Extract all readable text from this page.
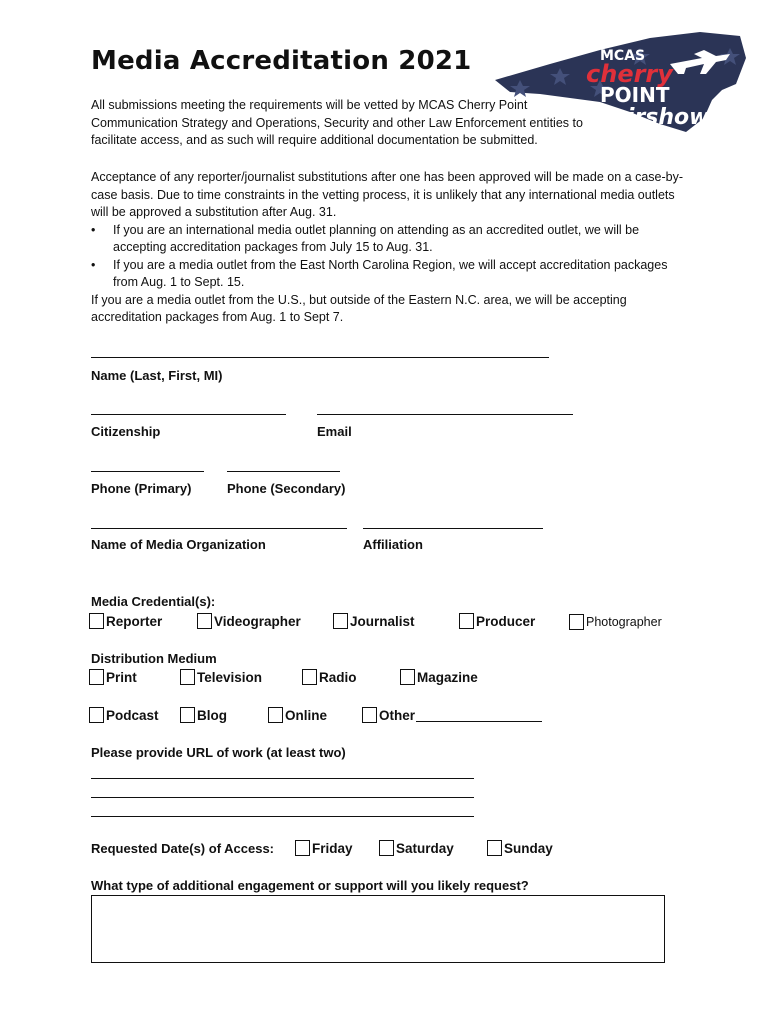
Media Accreditation 2021	MCAS
cherry
POINT
airshow
All submissions meeting the requirements will be vetted by MCAS Cherry Point Communication Strategy and Operations, Security and other Law Enforcement entities to facilitate access, and as such will require additional documentation be submitted.
Acceptance of any reporter/journalist substitutions after one has been approved will be made on a case-by-case basis. Due to time constraints in the vetting process, it is unlikely that any international media outlets will be approved a substitution after Aug. 31.
• If you are an international media outlet planning on attending as an accredited outlet, we will be accepting accreditation packages from July 15 to Aug. 31.
• If you are a media outlet from the East North Carolina Region, we will accept accreditation packages from Aug. 1 to Sept. 15.
If you are a media outlet from the U.S., but outside of the Eastern N.C. area, we will be accepting accreditation packages from Aug. 1 to Sept 7.
Name (Last, First, MI)
Citizenship	Email
Phone (Primary)	Phone (Secondary)
Name of Media Organization	Affiliation
Media Credential(s):
Reporter	Videographer	Journalist	Producer	Photographer
Distribution Medium
Print	Television	Radio	Magazine
Podcast	Blog	Online	Other
Please provide URL of work (at least two)
Requested Date(s) of Access:	Friday	Saturday	Sunday
What type of additional engagement or support will you likely request?
